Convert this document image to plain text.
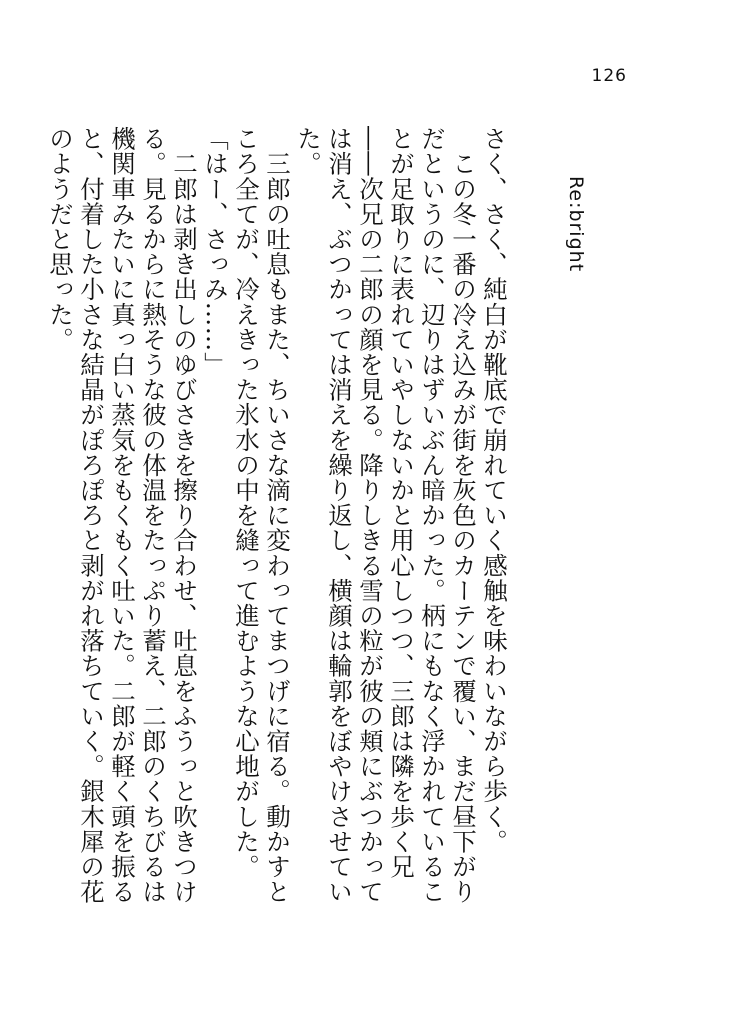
126
Re:bright

さく、さく、純白が靴底で崩れていく感触を味わいながら歩く。

　この冬一番の冷え込みが街を灰色のカーテンで覆い、まだ昼下がりだというのに、辺りはずいぶん暗かった。柄にもなく浮かれていることが足取りに表れていやしないかと用心しつつ、三郎は隣を歩く兄――次兄の二郎の顔を見る。降りしきる雪の粒が彼の頬にぶつかっては消え、ぶつかっては消えを繰り返し、横顔は輪郭をぼやけさせていた。

　三郎の吐息もまた、ちいさな滴に変わってまつげに宿る。動かすところ全てが、冷えきった氷水の中を縫って進むような心地がした。

「はー、さっみ……」

　二郎は剥き出しのゆびさきを擦り合わせ、吐息をふうっと吹きつける。見るからに熱そうな彼の体温をたっぷり蓄え、二郎のくちびるは機関車みたいに真っ白い蒸気をもくもく吐いた。二郎が軽く頭を振ると、付着した小さな結晶がぽろぽろと剥がれ落ちていく。銀木犀の花のようだと思った。
